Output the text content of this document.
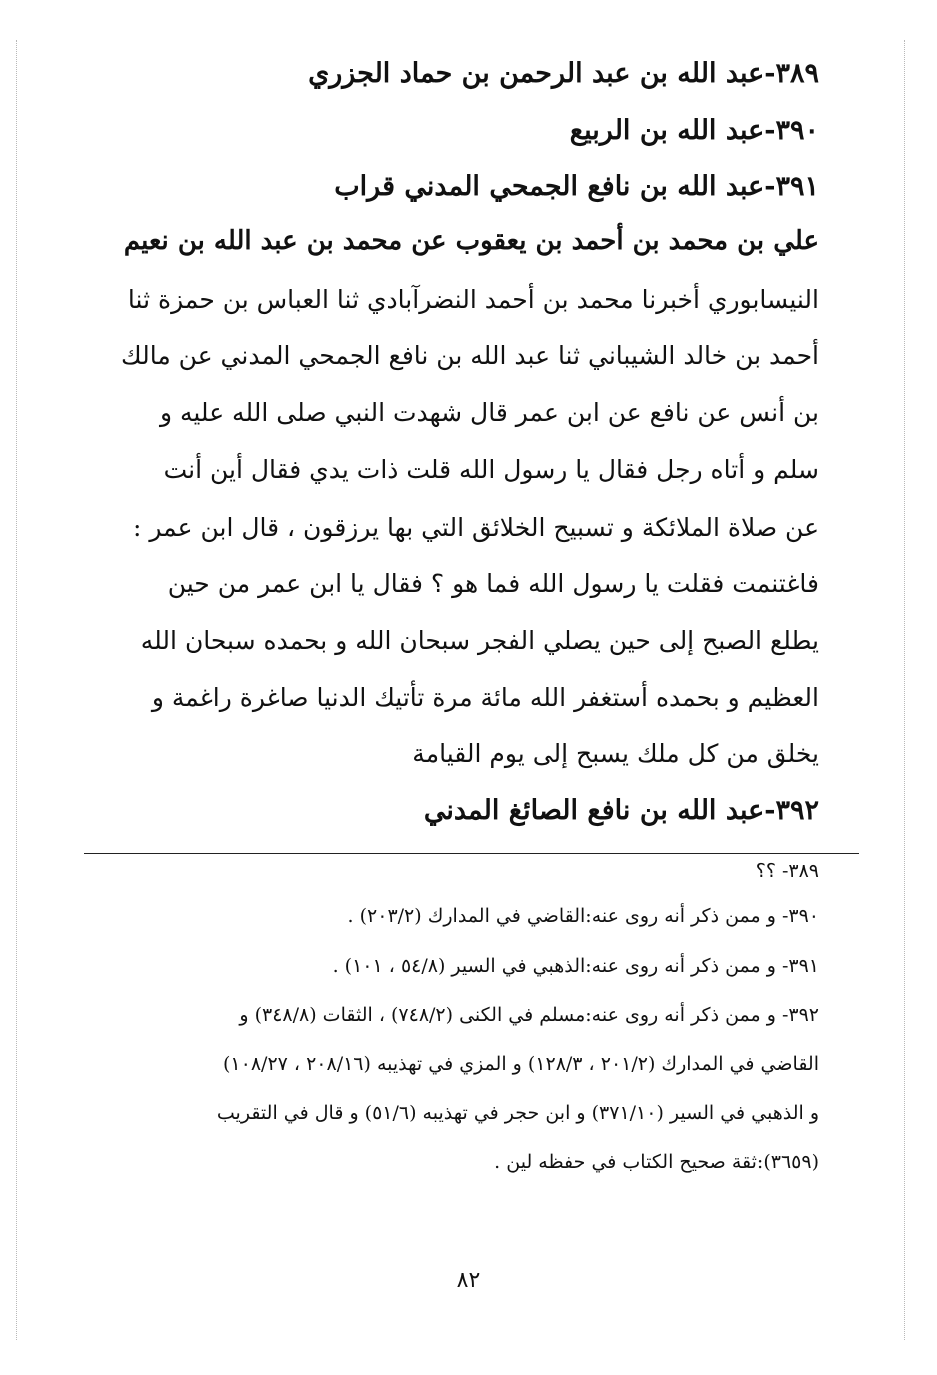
٣٨٩-عبد الله بن عبد الرحمن بن حماد الجزري
٣٩٠-عبد الله بن الربيع
٣٩١-عبد الله بن نافع الجمحي المدني قراب
علي بن محمد بن أحمد بن يعقوب عن محمد بن عبد الله بن نعيم
النيسابوري أخبرنا محمد بن أحمد النضرآبادي ثنا العباس بن حمزة ثنا
أحمد بن خالد الشيباني ثنا عبد الله بن نافع الجمحي المدني عن مالك
بن أنس عن نافع عن ابن عمر قال شهدت النبي صلى الله عليه و
سلم و أتاه رجل فقال يا رسول الله قلت ذات يدي فقال أين أنت
عن صلاة الملائكة و تسبيح الخلائق التي بها يرزقون ، قال ابن عمر :
فاغتنمت فقلت يا رسول الله فما هو ؟ فقال يا ابن عمر من حين
يطلع الصبح إلى حين يصلي الفجر سبحان الله و بحمده سبحان الله
العظيم و بحمده أستغفر الله مائة مرة تأتيك الدنيا صاغرة راغمة و
يخلق من كل ملك يسبح إلى يوم القيامة
٣٩٢-عبد الله بن نافع الصائغ المدني
٣٨٩- ؟؟
٣٩٠- و ممن ذكر أنه روى عنه:القاضي في المدارك (٢٠٣/٢) .
٣٩١- و ممن ذكر أنه روى عنه:الذهبي في السير (٥٤/٨ ، ١٠١) .
٣٩٢- و ممن ذكر أنه روى عنه:مسلم في الكنى (٧٤٨/٢) ، الثقات (٣٤٨/٨) و
القاضي في المدارك (٢٠١/٢ ، ١٢٨/٣) و المزي في تهذيبه (٢٠٨/١٦ ، ١٠٨/٢٧)
و الذهبي في السير (٣٧١/١٠) و ابن حجر في تهذيبه (٥١/٦) و قال في التقريب
(٣٦٥٩):ثقة صحيح الكتاب في حفظه لين .
٨٢
